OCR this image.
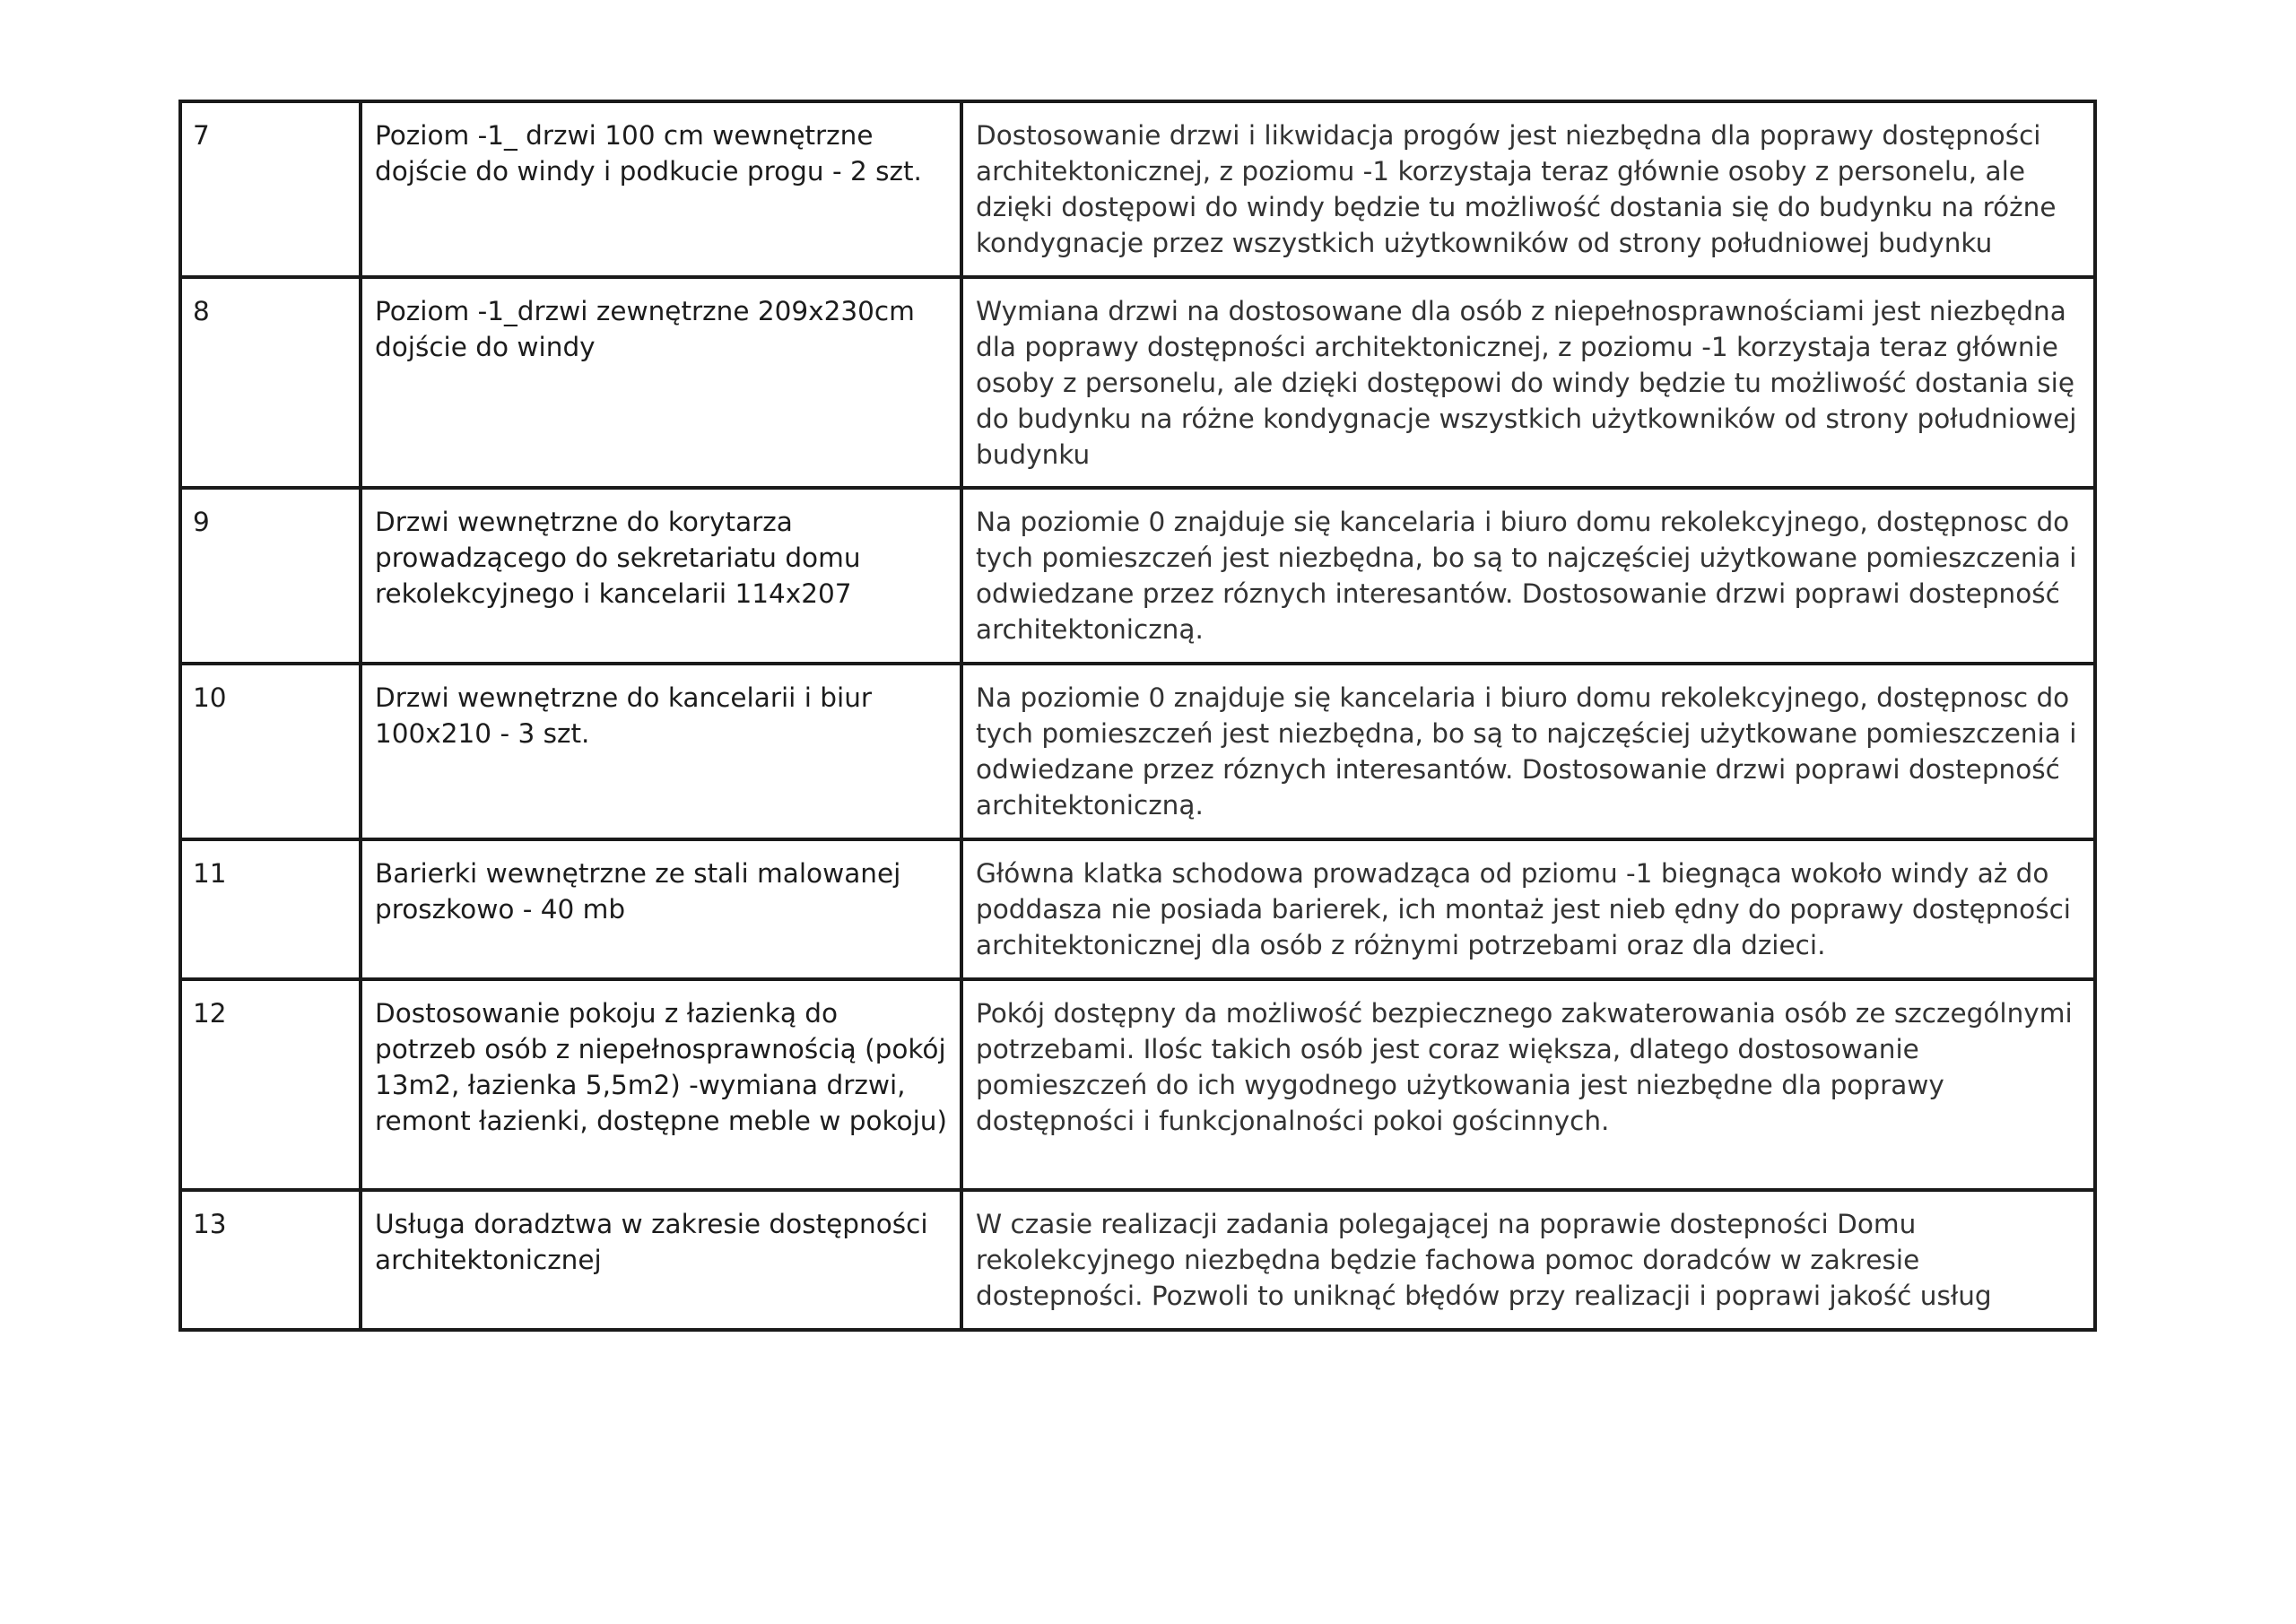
7	Poziom -1_ drzwi 100 cm wewnętrzne dojście do windy i podkucie progu - 2 szt.	Dostosowanie drzwi i likwidacja progów jest niezbędna dla poprawy dostępności architektonicznej, z poziomu -1 korzystaja teraz głównie osoby z personelu, ale dzięki dostępowi do windy będzie tu możliwość dostania się do budynku na różne kondygnacje przez wszystkich użytkowników od strony południowej budynku
8	Poziom -1_drzwi zewnętrzne 209x230cm dojście do windy	Wymiana drzwi na dostosowane dla osób z niepełnosprawnościami jest niezbędna dla poprawy dostępności architektonicznej, z poziomu -1 korzystaja teraz głównie osoby z personelu, ale dzięki dostępowi do windy będzie tu możliwość dostania się do budynku na różne kondygnacje wszystkich użytkowników od strony południowej budynku
9	Drzwi wewnętrzne do korytarza prowadzącego do sekretariatu domu rekolekcyjnego i kancelarii 114x207	Na poziomie 0 znajduje się kancelaria i biuro domu rekolekcyjnego, dostępnosc do tych pomieszczeń jest niezbędna, bo są to najczęściej użytkowane pomieszczenia i odwiedzane przez róznych interesantów. Dostosowanie drzwi poprawi dostepność architektoniczną.
10	Drzwi wewnętrzne do kancelarii i biur 100x210 - 3 szt.	Na poziomie 0 znajduje się kancelaria i biuro domu rekolekcyjnego, dostępnosc do tych pomieszczeń jest niezbędna, bo są to najczęściej użytkowane pomieszczenia i odwiedzane przez róznych interesantów. Dostosowanie drzwi poprawi dostepność architektoniczną.
11	Barierki wewnętrzne ze stali malowanej proszkowo - 40 mb	Główna klatka schodowa prowadząca od pziomu -1 biegnąca wokoło windy aż do poddasza nie posiada barierek, ich montaż jest nieb ędny do poprawy dostępności architektonicznej dla osób z różnymi potrzebami oraz dla dzieci.
12	Dostosowanie pokoju z łazienką do potrzeb osób z niepełnosprawnością (pokój 13m2, łazienka 5,5m2) -wymiana drzwi, remont łazienki, dostępne meble w pokoju)	Pokój dostępny da możliwość bezpiecznego zakwaterowania osób ze szczególnymi potrzebami. Ilośc takich osób jest coraz większa, dlatego dostosowanie pomieszczeń do ich wygodnego użytkowania jest niezbędne dla poprawy dostępności i funkcjonalności pokoi gościnnych.
13	Usługa doradztwa w zakresie dostępności architektonicznej	W czasie realizacji zadania polegającej na poprawie dostepności Domu rekolekcyjnego niezbędna będzie fachowa pomoc doradców w zakresie dostepności. Pozwoli to uniknąć błędów przy realizacji i poprawi jakość usług
